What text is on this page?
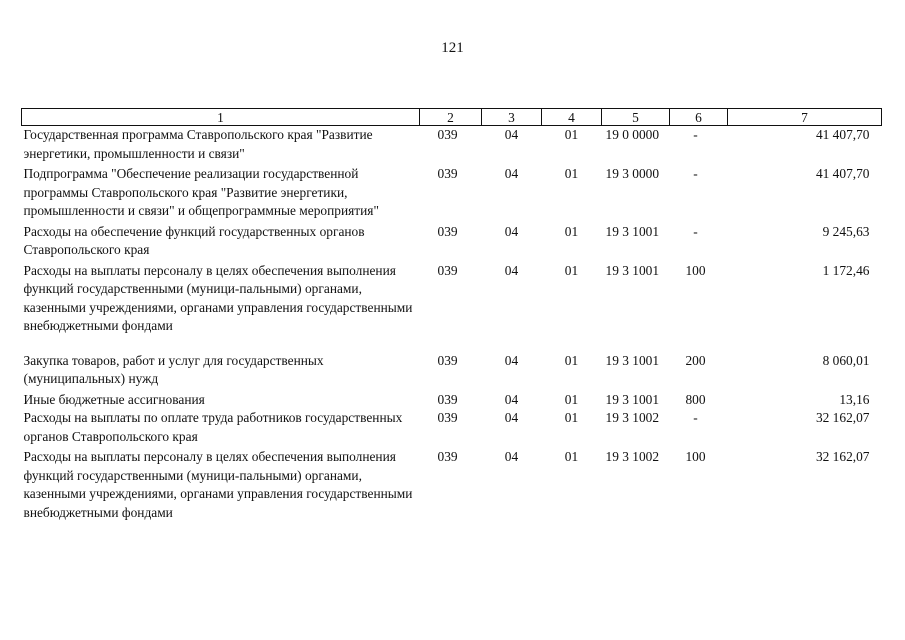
121
1	2	3	4	5	6	7
Государственная программа Ставропольского края "Развитие энергетики, промышленности и связи"	039	04	01	19 0 0000	-	41 407,70
Подпрограмма "Обеспечение реализации государственной программы Ставропольского края "Развитие энергетики, промышленности и связи" и общепрограммные мероприятия"	039	04	01	19 3 0000	-	41 407,70
Расходы на обеспечение функций государственных органов Ставропольского края	039	04	01	19 3 1001	-	9 245,63
Расходы на выплаты персоналу в целях обеспечения выполнения функций государственными (муници-пальными) органами, казенными учреждениями, органами управления государственными внебюджетными фондами	039	04	01	19 3 1001	100	1 172,46
Закупка товаров, работ и услуг для государственных (муниципальных) нужд	039	04	01	19 3 1001	200	8 060,01
Иные бюджетные ассигнования	039	04	01	19 3 1001	800	13,16
Расходы на выплаты по оплате труда работников государственных органов Ставропольского края	039	04	01	19 3 1002	-	32 162,07
Расходы на выплаты персоналу в целях обеспечения выполнения функций государственными (муници-пальными) органами, казенными учреждениями, органами управления государственными внебюджетными фондами	039	04	01	19 3 1002	100	32 162,07
